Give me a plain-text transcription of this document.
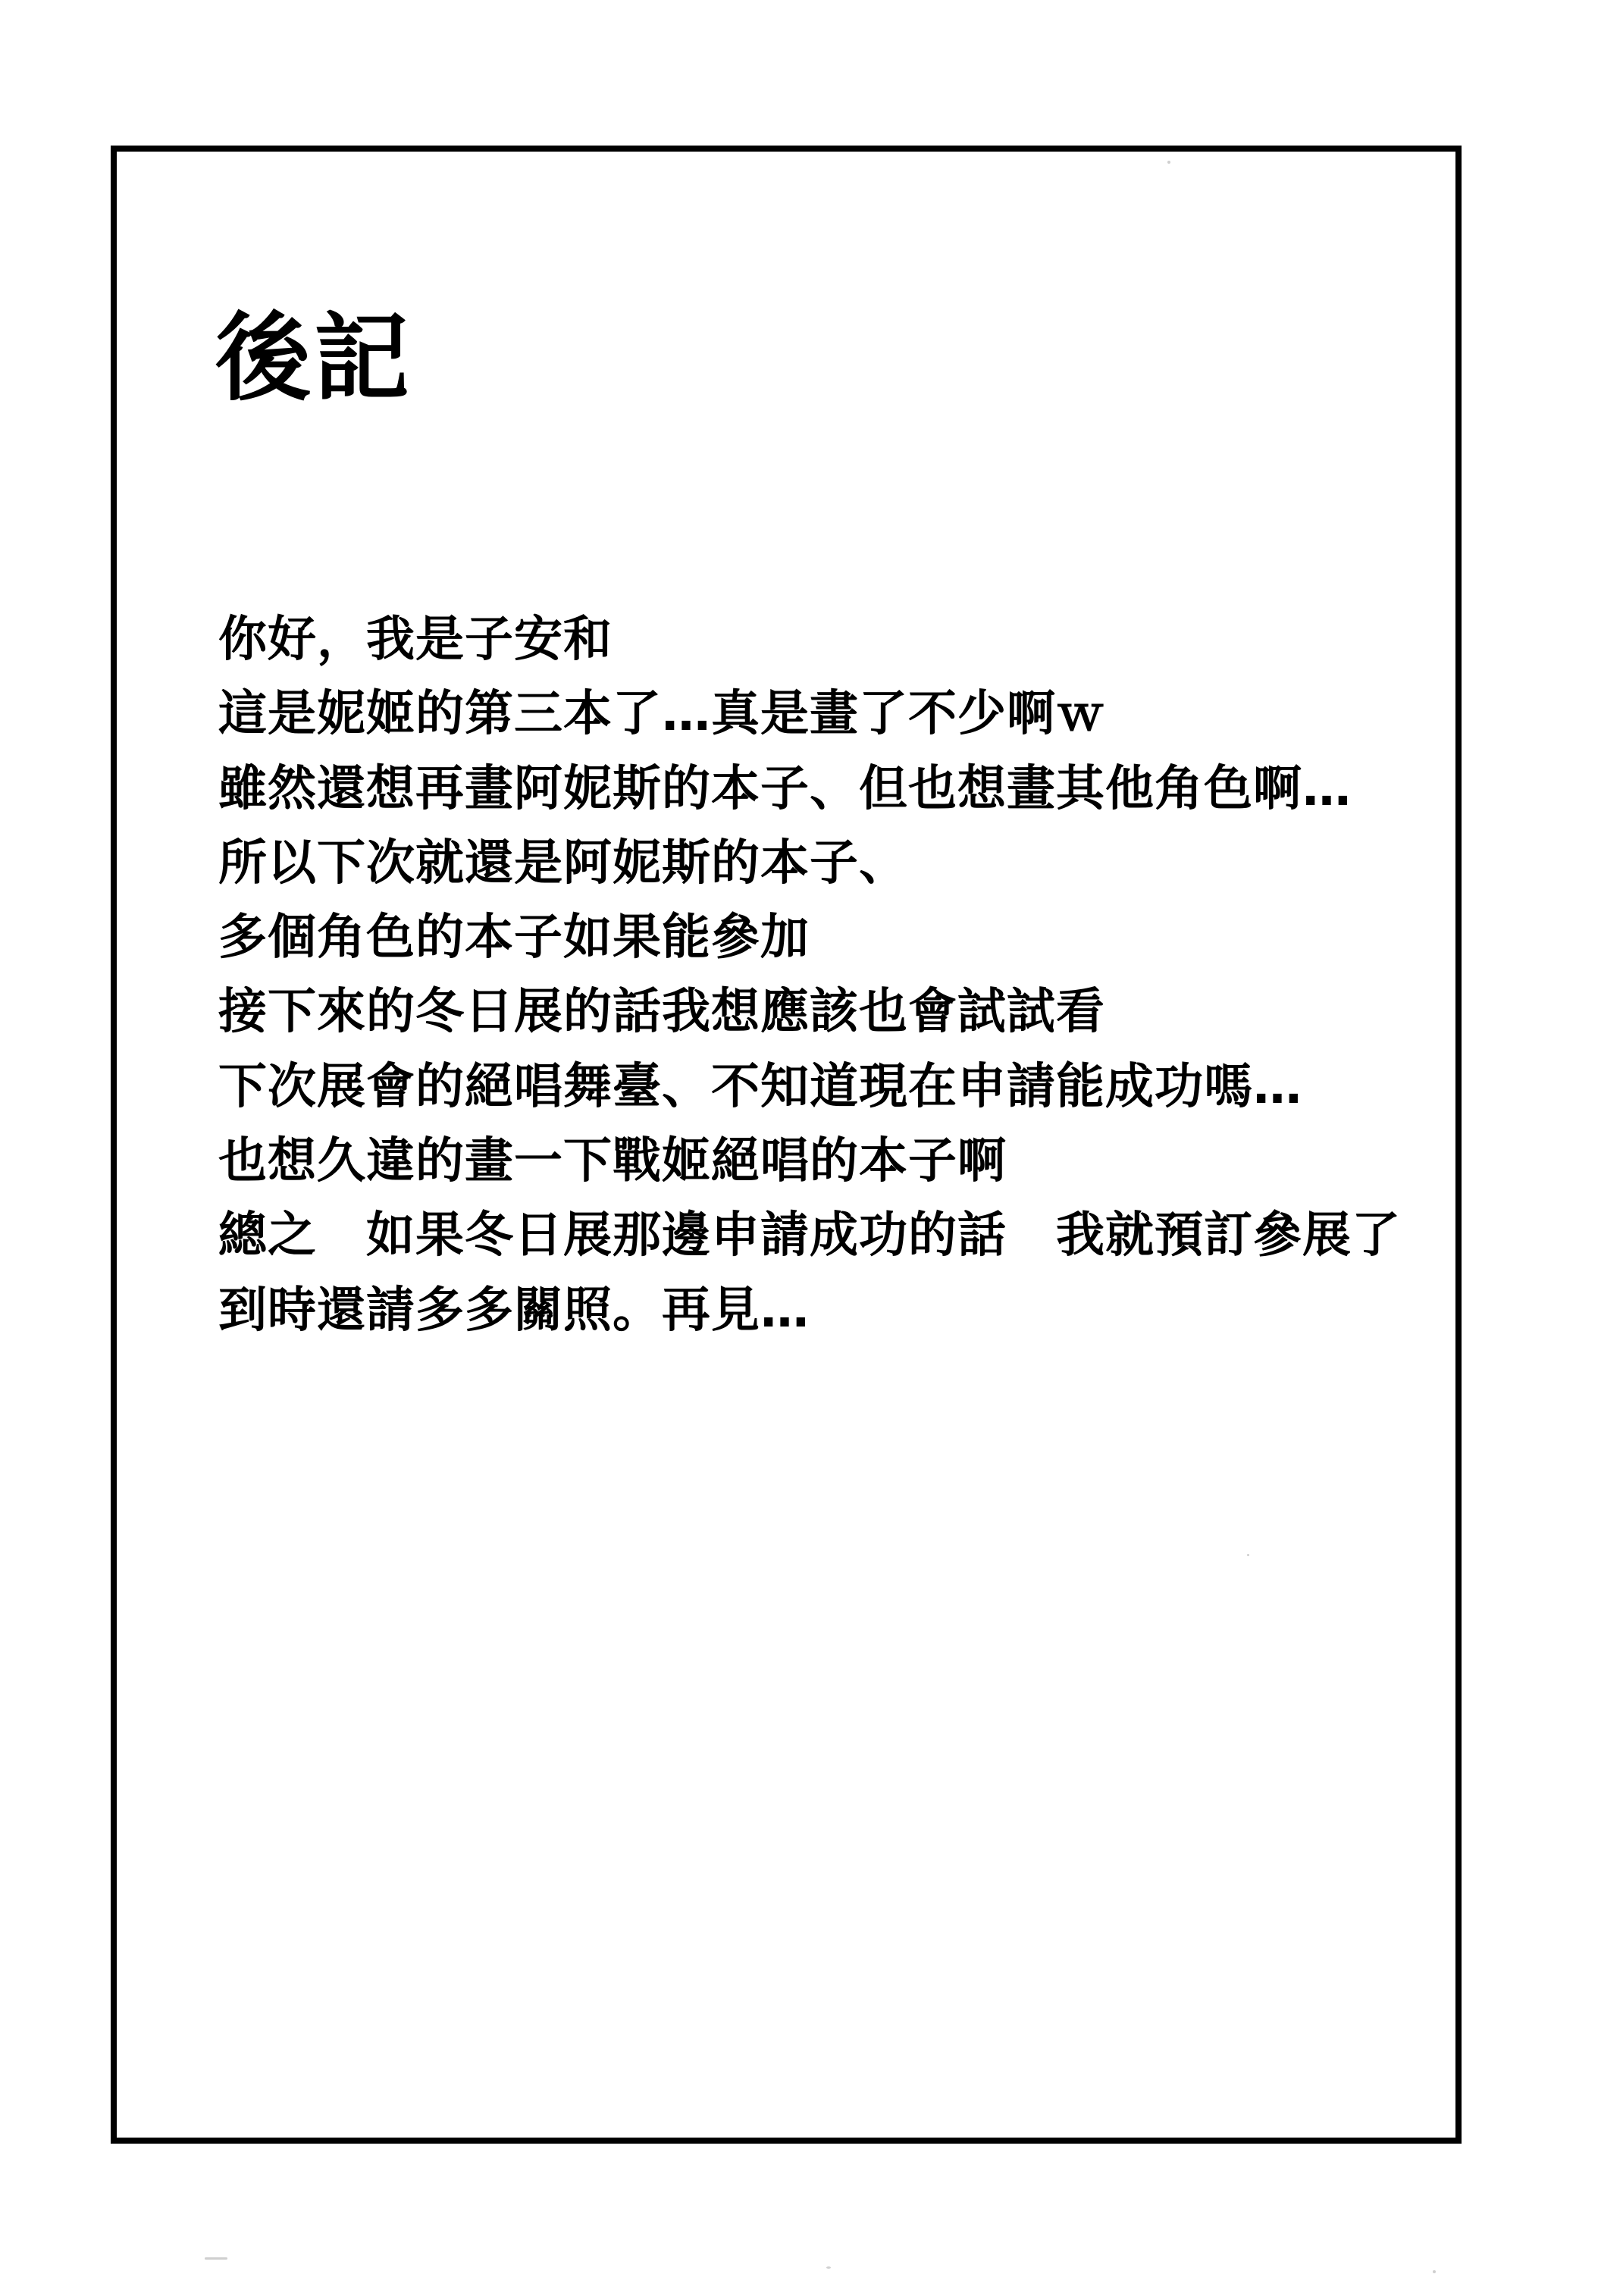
後記
你好，我是子安和
這是妮姬的第三本了…真是畫了不少啊ｗ
雖然還想再畫阿妮斯的本子、但也想畫其他角色啊…
所以下次就還是阿妮斯的本子、
多個角色的本子如果能參加
接下來的冬日展的話我想應該也會試試看
下次展會的絕唱舞臺、不知道現在申請能成功嗎…
也想久違的畫一下戰姬絕唱的本子啊
總之　如果冬日展那邊申請成功的話　我就預訂參展了
到時還請多多關照。再見…
